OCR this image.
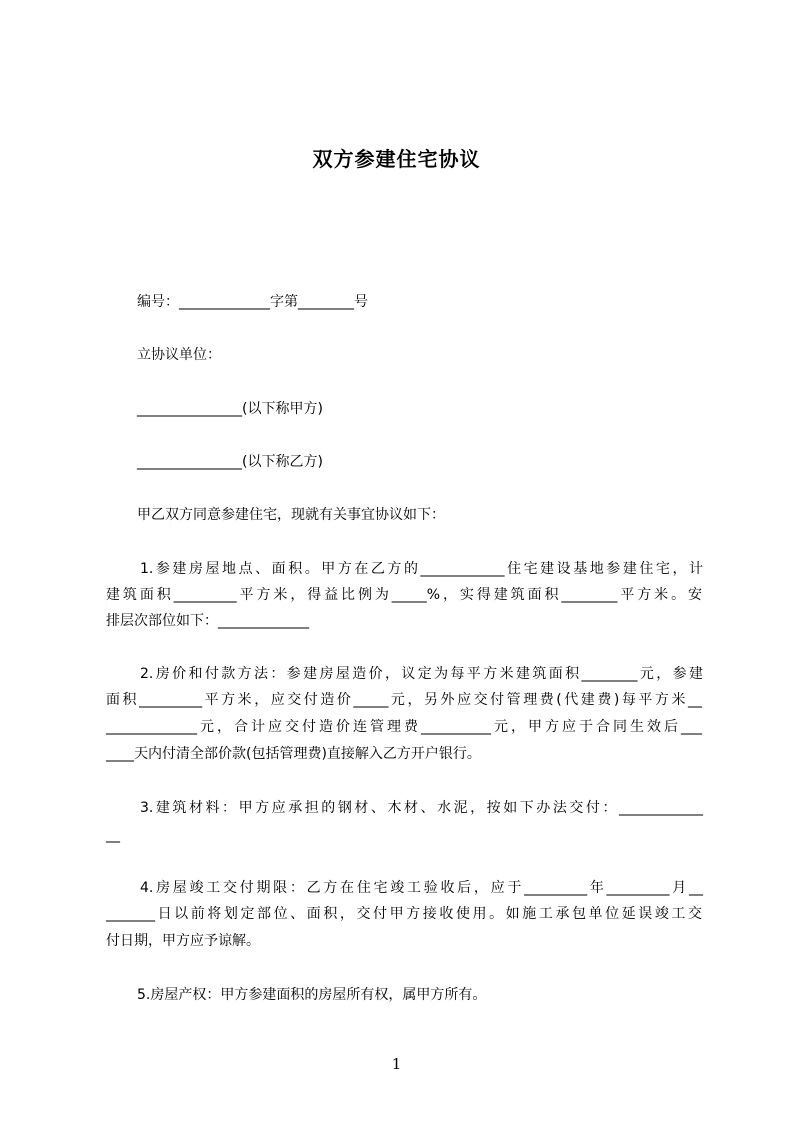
双方参建住宅协议
编号：_____________字第________号
立协议单位：
_______________(以下称甲方)
_______________(以下称乙方)
甲乙双方同意参建住宅，现就有关事宜协议如下：
1.参建房屋地点、面积。甲方在乙方的____________住宅建设基地参建住宅，计
建筑面积_________平方米，得益比例为_____%，实得建筑面积________平方米。安
排层次部位如下：_____________
2.房价和付款方法：参建房屋造价，议定为每平方米建筑面积________元，参建
面积_________平方米，应交付造价_____元，另外应交付管理费(代建费)每平方米__
_____________元，合计应交付造价连管理费__________元，甲方应于合同生效后___
____天内付清全部价款(包括管理费)直接解入乙方开户银行。
3.建筑材料：甲方应承担的钢材、木材、水泥，按如下办法交付：____________
__
4.房屋竣工交付期限：乙方在住宅竣工验收后，应于_________年_________月__
_______日以前将划定部位、面积，交付甲方接收使用。如施工承包单位延误竣工交
付日期，甲方应予谅解。
5.房屋产权：甲方参建面积的房屋所有权，属甲方所有。
1
